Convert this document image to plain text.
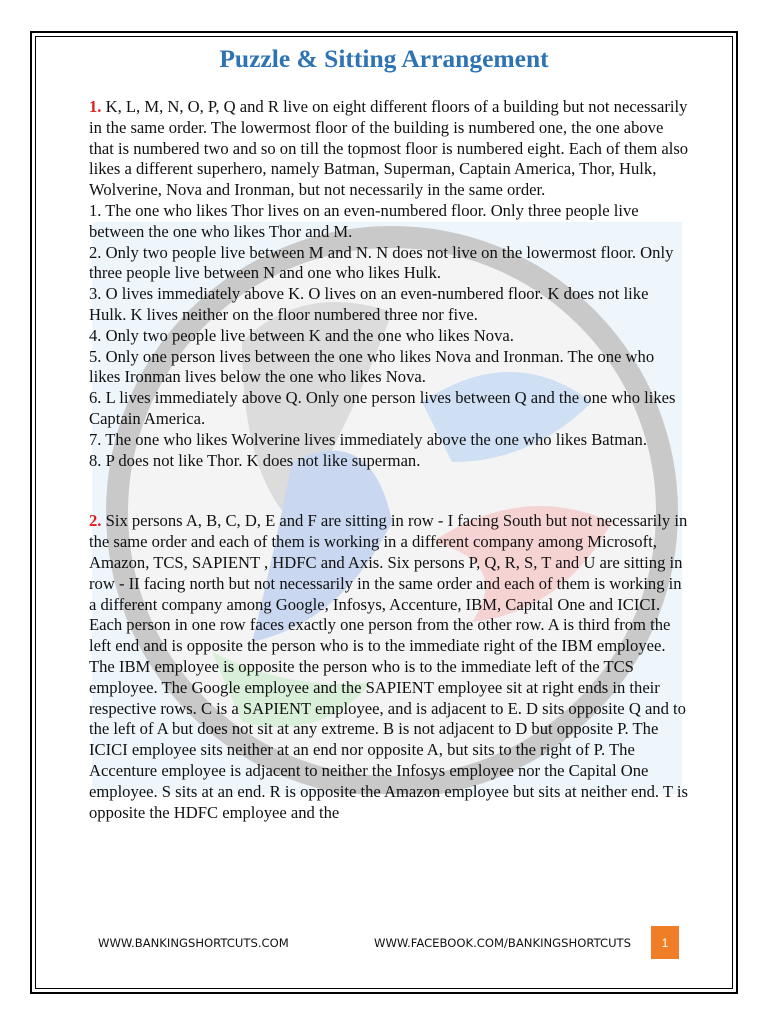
Puzzle & Sitting Arrangement

1. K, L, M, N, O, P, Q and R live on eight different floors of a building but not necessarily in the same order. The lowermost floor of the building is numbered one, the one above that is numbered two and so on till the topmost floor is numbered eight. Each of them also likes a different superhero, namely Batman, Superman, Captain America, Thor, Hulk, Wolverine, Nova and Ironman, but not necessarily in the same order.

1. The one who likes Thor lives on an even-numbered floor. Only three people live between the one who likes Thor and M.

2. Only two people live between M and N. N does not live on the lowermost floor. Only three people live between N and one who likes Hulk.

3. O lives immediately above K. O lives on an even-numbered floor. K does not like Hulk. K lives neither on the floor numbered three nor five.

4. Only two people live between K and the one who likes Nova.

5. Only one person lives between the one who likes Nova and Ironman. The one who likes Ironman lives below the one who likes Nova.

6. L lives immediately above Q. Only one person lives between Q and the one who likes Captain America.

7. The one who likes Wolverine lives immediately above the one who likes Batman.

8. P does not like Thor. K does not like superman.

2. Six persons A, B, C, D, E and F are sitting in row - I facing South but not necessarily in the same order and each of them is working in a different company among Microsoft, Amazon, TCS, SAPIENT , HDFC and Axis. Six persons P, Q, R, S, T and U are sitting in row - II facing north but not necessarily in the same order and each of them is working in a different company among Google, Infosys, Accenture, IBM, Capital One and ICICI. Each person in one row faces exactly one person from the other row. A is third from the left end and is opposite the person who is to the immediate right of the IBM employee. The IBM employee is opposite the person who is to the immediate left of the TCS employee. The Google employee and the SAPIENT employee sit at right ends in their respective rows. C is a SAPIENT employee, and is adjacent to E. D sits opposite Q and to the left of A but does not sit at any extreme. B is not adjacent to D but opposite P. The ICICI employee sits neither at an end nor opposite A, but sits to the right of P. The Accenture employee is adjacent to neither the Infosys employee nor the Capital One employee. S sits at an end. R is opposite the Amazon employee but sits at neither end. T is opposite the HDFC employee and the

WWW.BANKINGSHORTCUTS.COM	WWW.FACEBOOK.COM/BANKINGSHORTCUTS	1
